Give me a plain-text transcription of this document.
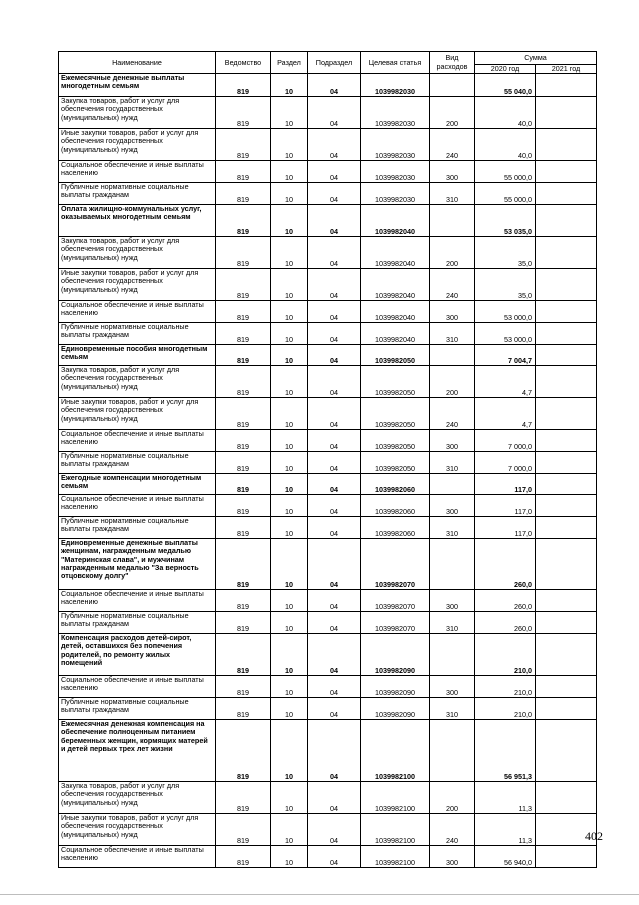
Наименование	Ведомство	Раздел	Подраздел	Целевая статья	Вид расходов	Сумма	
						2020 год	2021 год
Ежемесячные денежные выплаты многодетным семьям	819	10	04	1039982030		55 040,0	
Закупка товаров, работ и услуг для обеспечения государственных (муниципальных) нужд	819	10	04	1039982030	200	40,0	
Иные закупки товаров, работ и услуг для обеспечения государственных (муниципальных) нужд	819	10	04	1039982030	240	40,0	
Социальное обеспечение и иные выплаты населению	819	10	04	1039982030	300	55 000,0	
Публичные нормативные социальные выплаты гражданам	819	10	04	1039982030	310	55 000,0	
Оплата жилищно-коммунальных услуг, оказываемых многодетным семьям	819	10	04	1039982040		53 035,0	
Закупка товаров, работ и услуг для обеспечения государственных (муниципальных) нужд	819	10	04	1039982040	200	35,0	
Иные закупки товаров, работ и услуг для обеспечения государственных (муниципальных) нужд	819	10	04	1039982040	240	35,0	
Социальное обеспечение и иные выплаты населению	819	10	04	1039982040	300	53 000,0	
Публичные нормативные социальные выплаты гражданам	819	10	04	1039982040	310	53 000,0	
Единовременные пособия многодетным семьям	819	10	04	1039982050		7 004,7	
Закупка товаров, работ и услуг для обеспечения государственных (муниципальных) нужд	819	10	04	1039982050	200	4,7	
Иные закупки товаров, работ и услуг для обеспечения государственных (муниципальных) нужд	819	10	04	1039982050	240	4,7	
Социальное обеспечение и иные выплаты населению	819	10	04	1039982050	300	7 000,0	
Публичные нормативные социальные выплаты гражданам	819	10	04	1039982050	310	7 000,0	
Ежегодные компенсации многодетным семьям	819	10	04	1039982060		117,0	
Социальное обеспечение и иные выплаты населению	819	10	04	1039982060	300	117,0	
Публичные нормативные социальные выплаты гражданам	819	10	04	1039982060	310	117,0	
Единовременные денежные выплаты женщинам, награжденным медалью "Материнская слава", и мужчинам награжденным медалью "За верность отцовскому долгу"	819	10	04	1039982070		260,0	
Социальное обеспечение и иные выплаты населению	819	10	04	1039982070	300	260,0	
Публичные нормативные социальные выплаты гражданам	819	10	04	1039982070	310	260,0	
Компенсация расходов детей-сирот, детей, оставшихся без попечения родителей, по ремонту жилых помещений	819	10	04	1039982090		210,0	
Социальное обеспечение и иные выплаты населению	819	10	04	1039982090	300	210,0	
Публичные нормативные социальные выплаты гражданам	819	10	04	1039982090	310	210,0	
Ежемесячная денежная компенсация на обеспечение полноценным питанием беременных женщин, кормящих матерей и детей первых трех лет жизни	819	10	04	1039982100		56 951,3	
Закупка товаров, работ и услуг для обеспечения государственных (муниципальных) нужд	819	10	04	1039982100	200	11,3	
Иные закупки товаров, работ и услуг для обеспечения государственных (муниципальных) нужд	819	10	04	1039982100	240	11,3	
Социальное обеспечение и иные выплаты населению	819	10	04	1039982100	300	56 940,0	
402
